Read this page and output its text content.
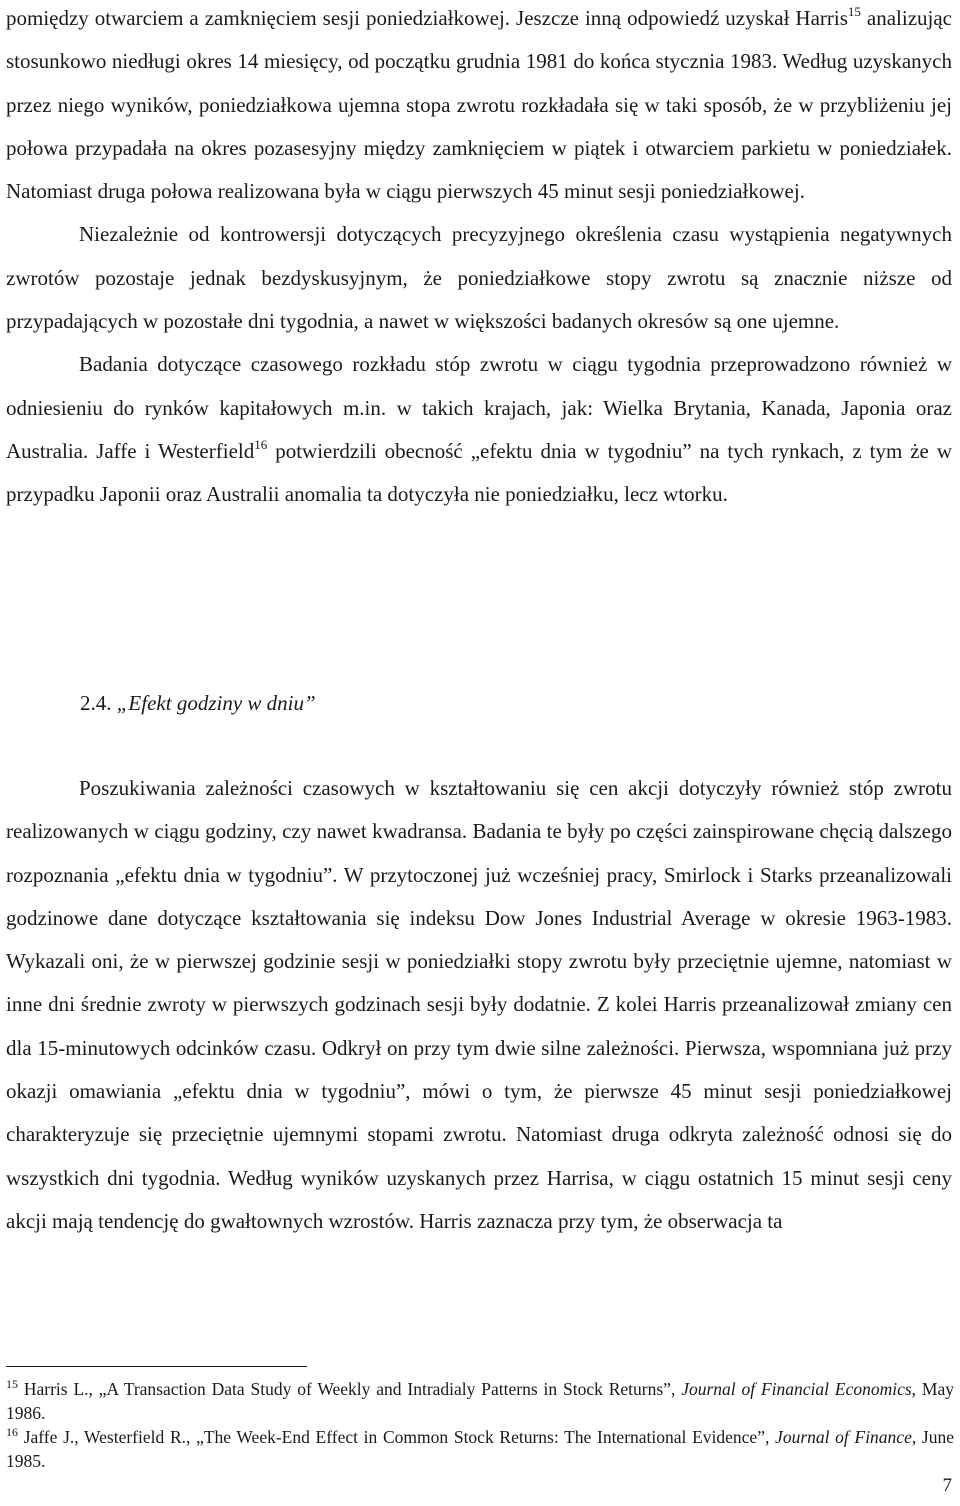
pomiędzy otwarciem a zamknięciem sesji poniedziałkowej. Jeszcze inną odpowiedź uzyskał Harris$^{15}$ analizując stosunkowo niedługi okres 14 miesięcy, od początku grudnia 1981 do końca stycznia 1983. Według uzyskanych przez niego wyników, poniedziałkowa ujemna stopa zwrotu rozkładała się w taki sposób, że w przybliżeniu jej połowa przypadała na okres pozasesyjny między zamknięciem w piątek i otwarciem parkietu w poniedziałek. Natomiast druga połowa realizowana była w ciągu pierwszych 45 minut sesji poniedziałkowej.

Niezależnie od kontrowersji dotyczących precyzyjnego określenia czasu wystąpienia negatywnych zwrotów pozostaje jednak bezdyskusyjnym, że poniedziałkowe stopy zwrotu są znacznie niższe od przypadających w pozostałe dni tygodnia, a nawet w większości badanych okresów są one ujemne.

Badania dotyczące czasowego rozkładu stóp zwrotu w ciągu tygodnia przeprowadzono również w odniesieniu do rynków kapitałowych m.in. w takich krajach, jak: Wielka Brytania, Kanada, Japonia oraz Australia. Jaffe i Westerfield$^{16}$ potwierdzili obecność „efektu dnia w tygodniu” na tych rynkach, z tym że w przypadku Japonii oraz Australii anomalia ta dotyczyła nie poniedziałku, lecz wtorku.

2.4. „Efekt godziny w dniu”

Poszukiwania zależności czasowych w kształtowaniu się cen akcji dotyczyły również stóp zwrotu realizowanych w ciągu godziny, czy nawet kwadransa. Badania te były po części zainspirowane chęcią dalszego rozpoznania „efektu dnia w tygodniu”. W przytoczonej już wcześniej pracy, Smirlock i Starks przeanalizowali godzinowe dane dotyczące kształtowania się indeksu Dow Jones Industrial Average w okresie 1963-1983. Wykazali oni, że w pierwszej godzinie sesji w poniedziałki stopy zwrotu były przeciętnie ujemne, natomiast w inne dni średnie zwroty w pierwszych godzinach sesji były dodatnie. Z kolei Harris przeanalizował zmiany cen dla 15-minutowych odcinków czasu. Odkrył on przy tym dwie silne zależności. Pierwsza, wspomniana już przy okazji omawiania „efektu dnia w tygodniu”, mówi o tym, że pierwsze 45 minut sesji poniedziałkowej charakteryzuje się przeciętnie ujemnymi stopami zwrotu. Natomiast druga odkryta zależność odnosi się do wszystkich dni tygodnia. Według wyników uzyskanych przez Harrisa, w ciągu ostatnich 15 minut sesji ceny akcji mają tendencję do gwałtownych wzrostów. Harris zaznacza przy tym, że obserwacja ta

$^{15}$ Harris L., „A Transaction Data Study of Weekly and Intradialy Patterns in Stock Returns”, Journal of Financial Economics, May 1986.

$^{16}$ Jaffe J., Westerfield R., „The Week-End Effect in Common Stock Returns: The International Evidence”, Journal of Finance, June 1985.

7
